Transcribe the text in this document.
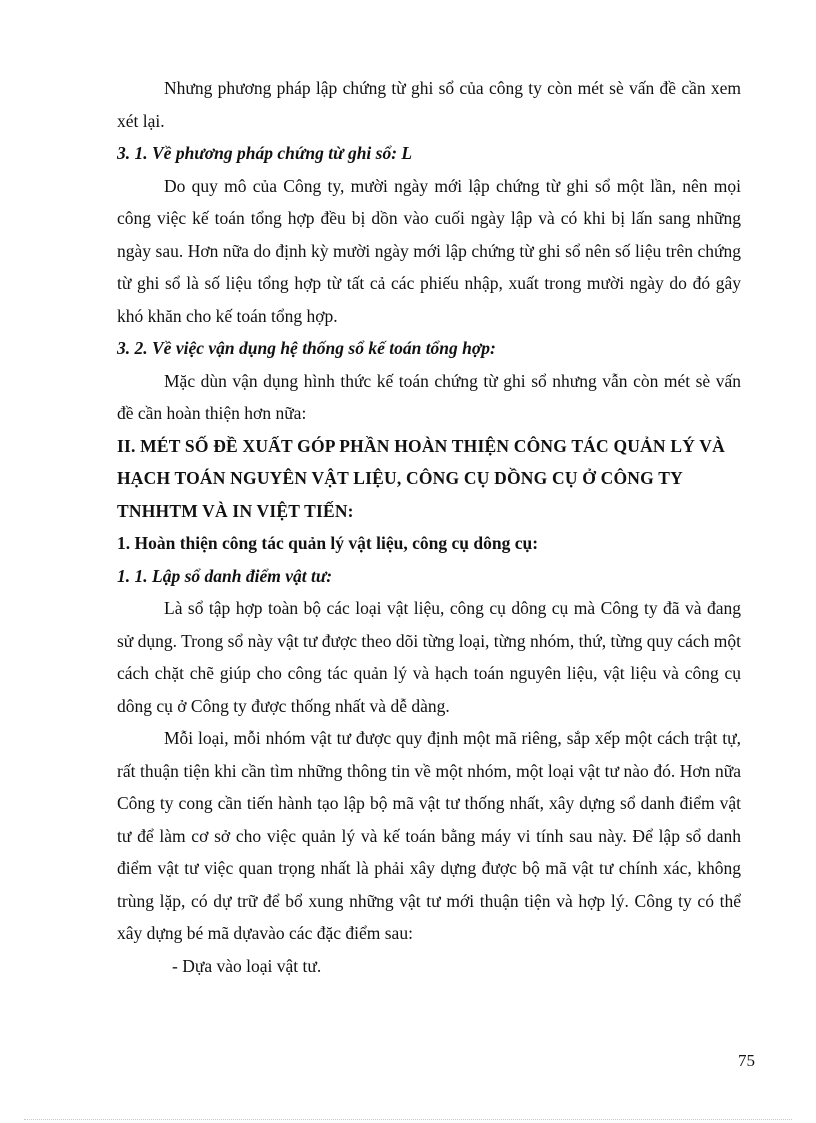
Nhưng phương pháp lập chứng từ ghi sổ của công ty còn mét sè vấn đề cần xem xét lại.

3. 1. Về phương pháp chứng từ ghi sổ: L

Do quy mô của Công ty, mười ngày mới lập chứng từ ghi sổ một lần, nên mọi công việc kế toán tổng hợp đều bị dồn vào cuối ngày lập và có khi bị lấn sang những ngày sau. Hơn nữa do định kỳ mười ngày mới lập chứng từ ghi sổ nên số liệu trên chứng từ ghi sổ là số liệu tổng hợp từ tất cả các phiếu nhập, xuất trong mười ngày do đó gây khó khăn cho kế toán tổng hợp.

3. 2. Về việc vận dụng hệ thống sổ kế toán tổng hợp:

Mặc dùn vận dụng hình thức kế toán chứng từ ghi sổ nhưng vẫn còn mét sè vấn đề cần hoàn thiện hơn nữa:

II. MÉT SỐ ĐỀ XUẤT GÓP PHẦN HOÀN THIỆN CÔNG TÁC QUẢN LÝ VÀ HẠCH TOÁN NGUYÊN VẬT LIỆU, CÔNG CỤ DỒNG CỤ Ở CÔNG TY TNHHTM VÀ IN VIỆT TIẾN:

1. Hoàn thiện công tác quản lý vật liệu, công cụ dông cụ:

1. 1. Lập sổ danh điểm vật tư:

Là sổ tập hợp toàn bộ các loại vật liệu, công cụ dông cụ mà Công ty đã và đang sử dụng. Trong sổ này vật tư được theo dõi từng loại, từng nhóm, thứ, từng quy cách một cách chặt chẽ giúp cho công tác quản lý và hạch toán nguyên liệu, vật liệu và công cụ dông cụ ở Công ty được thống nhất và dễ dàng.

Mỗi loại, mỗi nhóm vật tư được quy định một mã riêng, sắp xếp một cách trật tự, rất thuận tiện khi cần tìm những thông tin về một nhóm, một loại vật tư nào đó. Hơn nữa Công ty cong cần tiến hành tạo lập bộ mã vật tư thống nhất, xây dựng sổ danh điểm vật tư để làm cơ sở cho việc quản lý và kế toán bằng máy vi tính sau này. Để lập sổ danh điểm vật tư việc quan trọng nhất là phải xây dựng được bộ mã vật tư chính xác, không trùng lặp, có dự trữ để bổ xung những vật tư mới thuận tiện và hợp lý. Công ty có thể xây dựng bé mã dựavào các đặc điểm sau:

- Dựa vào loại vật tư.

75
